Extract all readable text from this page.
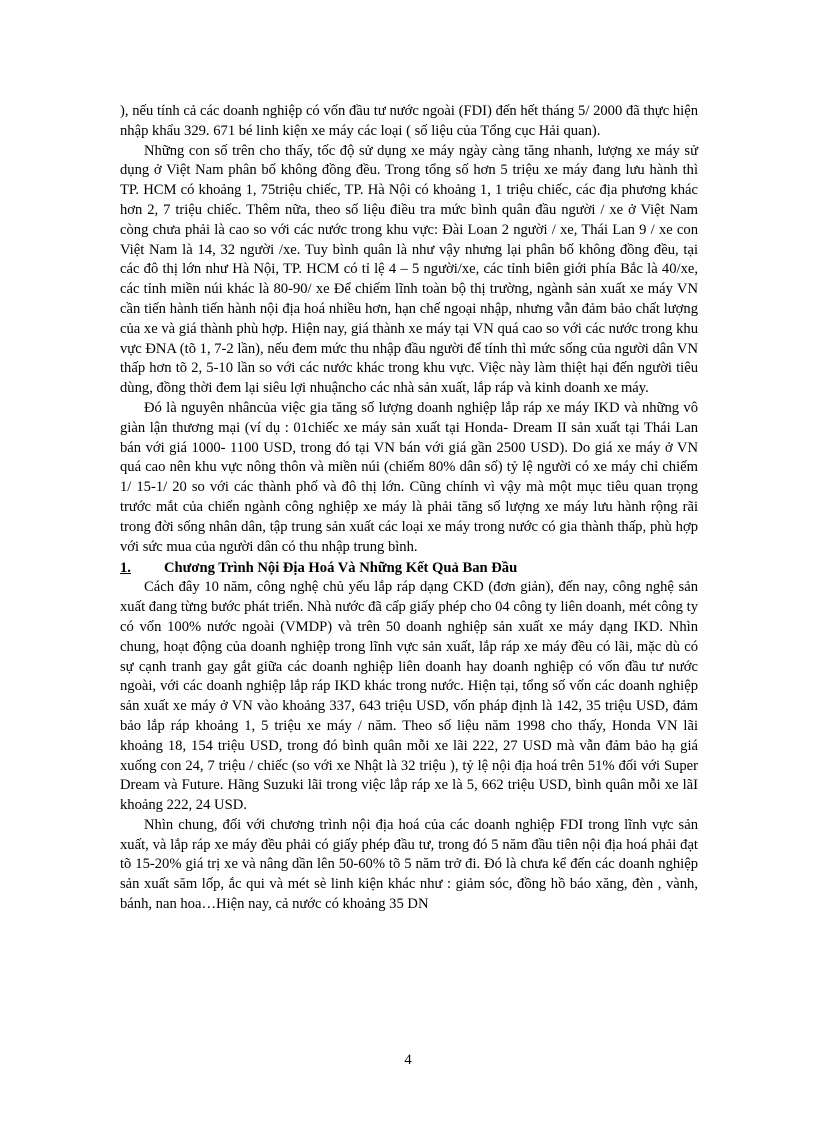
), nếu tính cả các doanh nghiệp có vốn đầu tư nước ngoài (FDI) đến hết tháng 5/ 2000 đã thực hiện nhập khẩu 329. 671 bé linh kiện xe máy các loại ( số liệu của Tổng cục Hải quan).

Những con số trên cho thấy, tốc độ sử dụng xe máy ngày càng tăng nhanh, lượng xe máy sử dụng ở Việt Nam phân bố không đồng đều. Trong tổng số hơn 5 triệu xe máy đang lưu hành thì TP. HCM có khoảng 1, 75triệu chiếc, TP. Hà Nội có khoảng 1, 1 triệu chiếc, các địa phương khác hơn 2, 7 triệu chiếc. Thêm nữa, theo số liệu điều tra mức bình quân đầu người / xe ở Việt Nam còng chưa phải là cao so với các nước trong khu vực: Đài Loan 2 người / xe, Thái Lan 9 / xe con Việt Nam là 14, 32 người /xe. Tuy bình quân là như vậy nhưng lại phân bố không đồng đều, tại các đô thị lớn như Hà Nội, TP. HCM có tỉ lệ 4 – 5 người/xe, các tỉnh biên giới phía Bắc là 40/xe, các tỉnh miền núi khác là 80-90/ xe Để chiếm lĩnh toàn bộ thị trường, ngành sản xuất xe máy VN cần tiến hành tiến hành nội địa hoá nhiều hơn, hạn chế ngoại nhập, nhưng vẫn đảm bảo chất lượng của xe và giá thành phù hợp. Hiện nay, giá thành xe máy tại VN quá cao so với các nước trong khu vực ĐNA (tõ 1, 7-2 lần), nếu đem mức thu nhập đầu người để tính thì mức sống của người dân VN thấp hơn tõ 2, 5-10 lần so với các nước khác trong khu vực. Việc này làm thiệt hại đến người tiêu dùng, đồng thời đem lại siêu lợi nhuậncho các nhà sản xuất, lắp ráp và kinh doanh xe máy.

Đó là nguyên nhâncủa việc gia tăng số lượng doanh nghiệp lắp ráp xe máy IKD và những vô giàn lận thương mại (ví dụ : 01chiếc xe máy sản xuất tại Honda- Dream II sản xuất tại Thái Lan bán với giá 1000- 1100 USD, trong đó tại VN bán với giá gần 2500 USD). Do giá xe máy ở VN quá cao nên khu vực nông thôn và miền núi (chiếm 80% dân số) tỷ lệ người có xe máy chỉ chiếm 1/ 15-1/ 20 so với các thành phố và đô thị lớn. Cũng chính vì vậy mà một mục tiêu quan trọng trước mắt của chiến ngành công nghiệp xe máy là phải tăng số lượng xe máy lưu hành rộng rãi trong đời sống nhân dân, tập trung sản xuất các loại xe máy trong nước có gia thành thấp, phù hợp với sức mua của người dân có thu nhập trung bình.

1.	Chương Trình Nội Địa Hoá Và Những Kết Quả Ban Đầu

Cách đây 10 năm, công nghệ chủ yếu lắp ráp dạng CKD (đơn giản), đến nay, công nghệ sản xuất đang từng bước phát triển. Nhà nước đã cấp giấy phép cho 04 công ty liên doanh, mét công ty có vốn 100% nước ngoài (VMDP) và trên 50 doanh nghiệp sản xuất xe máy dạng IKD. Nhìn chung, hoạt động của doanh nghiệp trong lĩnh vực sản xuất, lắp ráp xe máy đều có lãi, mặc dù có sự cạnh tranh gay gắt giữa các doanh nghiệp liên doanh hay doanh nghiệp có vốn đầu tư nước ngoài, với các doanh nghiệp lắp ráp IKD khác trong nước. Hiện tại, tổng số vốn các doanh nghiệp sản xuất xe máy ở VN vào khoảng 337, 643 triệu USD, vốn pháp định là 142, 35 triệu USD, đảm bảo lắp ráp khoảng 1, 5 triệu xe máy / năm. Theo số liệu năm 1998 cho thấy, Honda VN lãi khoảng 18, 154 triệu USD, trong đó bình quân mỗi xe lãi 222, 27 USD mà vẫn đảm bảo hạ giá xuống con 24, 7 triệu / chiếc (so với xe Nhật là 32 triệu ), tỷ lệ nội địa hoá trên 51% đối với Super Dream và Future. Hãng Suzuki lãi trong việc lắp ráp xe là 5, 662 triệu USD, bình quân mỗi xe lãI khoảng 222, 24 USD.

Nhìn chung, đối với chương trình nội địa hoá của các doanh nghiệp FDI trong lĩnh vực sản xuất, và lắp ráp xe máy đều phải có giấy phép đầu tư, trong đó 5 năm đầu tiên nội địa hoá phải đạt tõ 15-20% giá trị xe và nâng dần lên 50-60% tõ 5 năm trở đi. Đó là chưa kể đến các doanh nghiệp sản xuất săm lốp, ắc qui và mét sè linh kiện khác như : giảm sóc, đồng hồ báo xăng, đèn , vành, bánh, nan hoa…Hiện nay, cả nước có khoảng 35 DN

4
